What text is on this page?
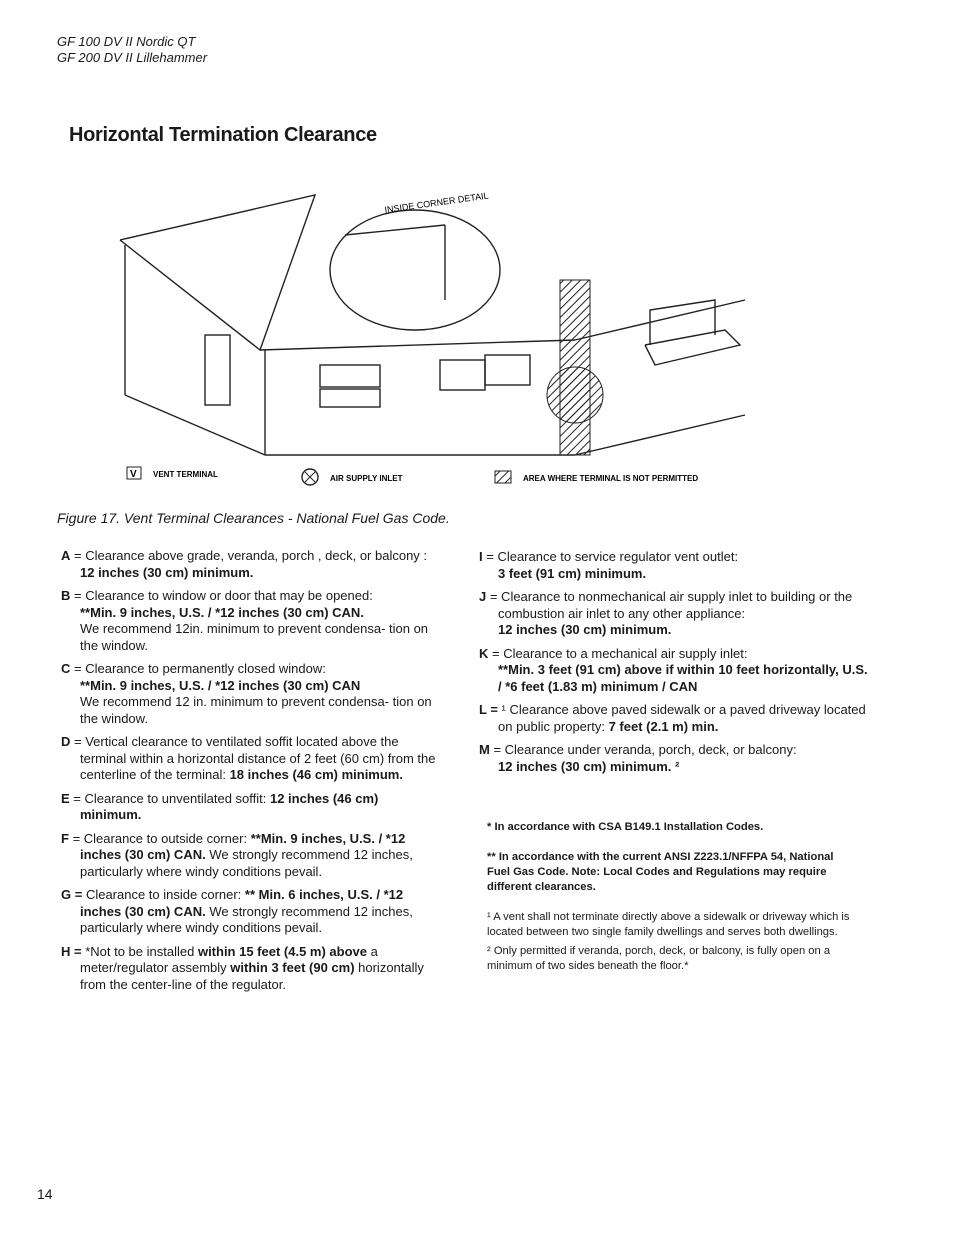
GF 100 DV II Nordic QT
GF 200 DV II Lillehammer
Horizontal Termination Clearance
INSIDE CORNER DETAIL
V VENT TERMINAL	AIR SUPPLY INLET	AREA WHERE TERMINAL IS NOT PERMITTED
Figure 17. Vent Terminal Clearances - National Fuel Gas Code.
A = Clearance above grade, veranda, porch , deck, or balcony : 12 inches (30 cm) minimum.
B = Clearance to window or door that may be opened:
**Min. 9 inches, U.S. / *12 inches (30 cm) CAN.
We recommend 12in. minimum to prevent condensa- tion on the window.
C = Clearance to permanently closed window:
**Min. 9 inches, U.S. / *12 inches (30 cm) CAN
We recommend 12 in. minimum to prevent condensa- tion on the window.
D = Vertical clearance to ventilated soffit located above the terminal within a horizontal distance of 2 feet (60 cm) from the centerline of the terminal: 18 inches (46 cm) minimum.
E = Clearance to unventilated soffit: 12 inches (46 cm) minimum.
F = Clearance to outside corner: **Min. 9 inches, U.S. / *12 inches (30 cm) CAN. We strongly recommend 12 inches, particularly where windy conditions pevail.
G = Clearance to inside corner: ** Min. 6 inches, U.S. / *12 inches (30 cm) CAN. We strongly recommend 12 inches, particularly where windy conditions pevail.
H = *Not to be installed within 15 feet (4.5 m) above a meter/regulator assembly within 3 feet (90 cm) horizontally from the center-line of the regulator.
I = Clearance to service regulator vent outlet:
3 feet (91 cm) minimum.
J = Clearance to nonmechanical air supply inlet to building or the combustion air inlet to any other appliance:
12 inches (30 cm) minimum.
K = Clearance to a mechanical air supply inlet:
**Min. 3 feet (91 cm) above if within 10 feet horizontally, U.S. / *6 feet (1.83 m) minimum / CAN
L = ¹ Clearance above paved sidewalk or a paved driveway located on public property: 7 feet (2.1 m) min.
M = Clearance under veranda, porch, deck, or balcony:
12 inches (30 cm) minimum. ²

* In accordance with CSA B149.1 Installation Codes.

** In accordance with the current ANSI Z223.1/NFFPA 54, National Fuel Gas Code. Note: Local Codes and Regulations may require different clearances.

¹ A vent shall not terminate directly above a sidewalk or driveway which is located between two single family dwellings and serves both dwellings.

² Only permitted if veranda, porch, deck, or balcony, is fully open on a minimum of two sides beneath the floor.*

14
